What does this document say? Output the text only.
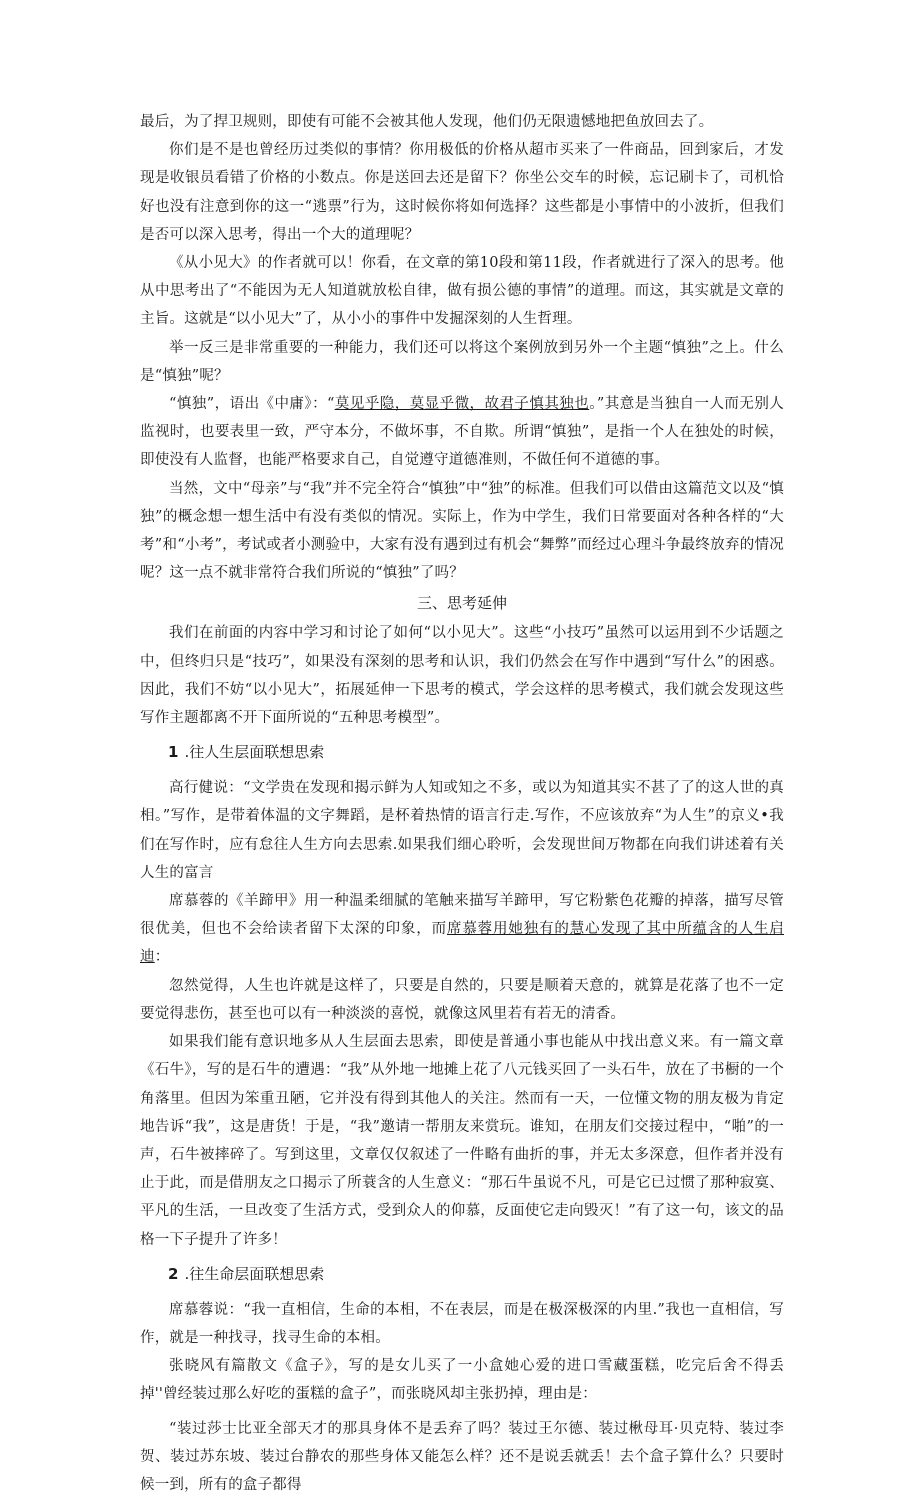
最后，为了捍卫规则，即使有可能不会被其他人发现，他们仍无限遗憾地把鱼放回去了。

你们是不是也曾经历过类似的事情？你用极低的价格从超市买来了一件商品，回到家后，才发现是收银员看错了价格的小数点。你是送回去还是留下？你坐公交车的时候，忘记刷卡了，司机恰好也没有注意到你的这一“逃票”行为，这时候你将如何选择？这些都是小事情中的小波折，但我们是否可以深入思考，得出一个大的道理呢？

《从小见大》的作者就可以！你看，在文章的第10段和第11段，作者就进行了深入的思考。他从中思考出了“不能因为无人知道就放松自律，做有损公德的事情”的道理。而这，其实就是文章的主旨。这就是“以小见大”了，从小小的事件中发掘深刻的人生哲理。

举一反三是非常重要的一种能力，我们还可以将这个案例放到另外一个主题“慎独”之上。什么是“慎独”呢？

“慎独”，语出《中庸》：“莫见乎隐，莫显乎微，故君子慎其独也。”其意是当独自一人而无别人监视时，也要表里一致，严守本分，不做坏事，不自欺。所谓“慎独”，是指一个人在独处的时候，即使没有人监督，也能严格要求自己，自觉遵守道德准则，不做任何不道德的事。

当然，文中“母亲”与“我”并不完全符合“慎独”中“独”的标准。但我们可以借由这篇范文以及“慎独”的概念想一想生活中有没有类似的情况。实际上，作为中学生，我们日常要面对各种各样的“大考”和“小考”，考试或者小测验中，大家有没有遇到过有机会“舞弊”而经过心理斗争最终放弃的情况呢？这一点不就非常符合我们所说的“慎独”了吗？

三、思考延伸

我们在前面的内容中学习和讨论了如何“以小见大”。这些“小技巧”虽然可以运用到不少话题之中，但终归只是“技巧”，如果没有深刻的思考和认识，我们仍然会在写作中遇到“写什么”的困惑。因此，我们不妨“以小见大”，拓展延伸一下思考的模式，学会这样的思考模式，我们就会发现这些写作主题都离不开下面所说的“五种思考模型”。

1 .往人生层面联想思索

高行健说：“文学贵在发现和揭示鲜为人知或知之不多，或以为知道其实不甚了了的这人世的真相。”写作，是带着体温的文字舞蹈，是杯着热情的语言行走.写作，不应该放弃“为人生”的京义•我们在写作时，应有怠往人生方向去思索.如果我们细心聆听，会发现世间万物都在向我们讲述着有关人生的富言

席慕蓉的《羊蹄甲》用一种温柔细腻的笔触来描写羊蹄甲，写它粉紫色花瓣的掉落，描写尽管很优美，但也不会给读者留下太深的印象，而席慕蓉用她独有的慧心发现了其中所蕴含的人生启迪：

忽然觉得，人生也许就是这样了，只要是自然的，只要是顺着天意的，就算是花落了也不一定要觉得悲伤，甚至也可以有一种淡淡的喜悦，就像这风里若有若无的清香。

如果我们能有意识地多从人生层面去思索，即使是普通小事也能从中找出意义来。有一篇文章《石牛》，写的是石牛的遭遇：“我”从外地一地摊上花了八元钱买回了一头石牛，放在了书橱的一个角落里。但因为笨重丑陋，它并没有得到其他人的关注。然而有一天，一位懂文物的朋友极为肯定地告诉“我”，这是唐货！于是，“我”邀请一帮朋友来赏玩。谁知，在朋友们交接过程中，“啪”的一声，石牛被摔碎了。写到这里，文章仅仅叙述了一件略有曲折的事，并无太多深意，但作者并没有止于此，而是借朋友之口揭示了所蓑含的人生意义：“那石牛虽说不凡，可是它已过惯了那种寂寞、平凡的生活，一旦改变了生活方式，受到众人的仰慕，反面使它走向毁灭！”有了这一句，该文的品格一下子提升了许多！

2 .往生命层面联想思索

席慕蓉说：“我一直相信，生命的本相，不在表层，而是在极深极深的内里.”我也一直相信，写作，就是一种找寻，找寻生命的本相。

张晓风有篇散文《盒子》，写的是女儿买了一小盒她心爱的进口雪藏蛋糕，吃完后舍不得丢掉''曾经装过那么好吃的蛋糕的盒子”，而张晓风却主张扔掉，理由是：

“装过莎士比亚全部天才的那具身体不是丢弃了吗？装过王尔德、装过楸母耳·贝克特、装过李贺、装过苏东坡、装过台静农的那些身体又能怎么样？还不是说丢就丢！去个盒子算什么？只要时候一到，所有的盒子都得
